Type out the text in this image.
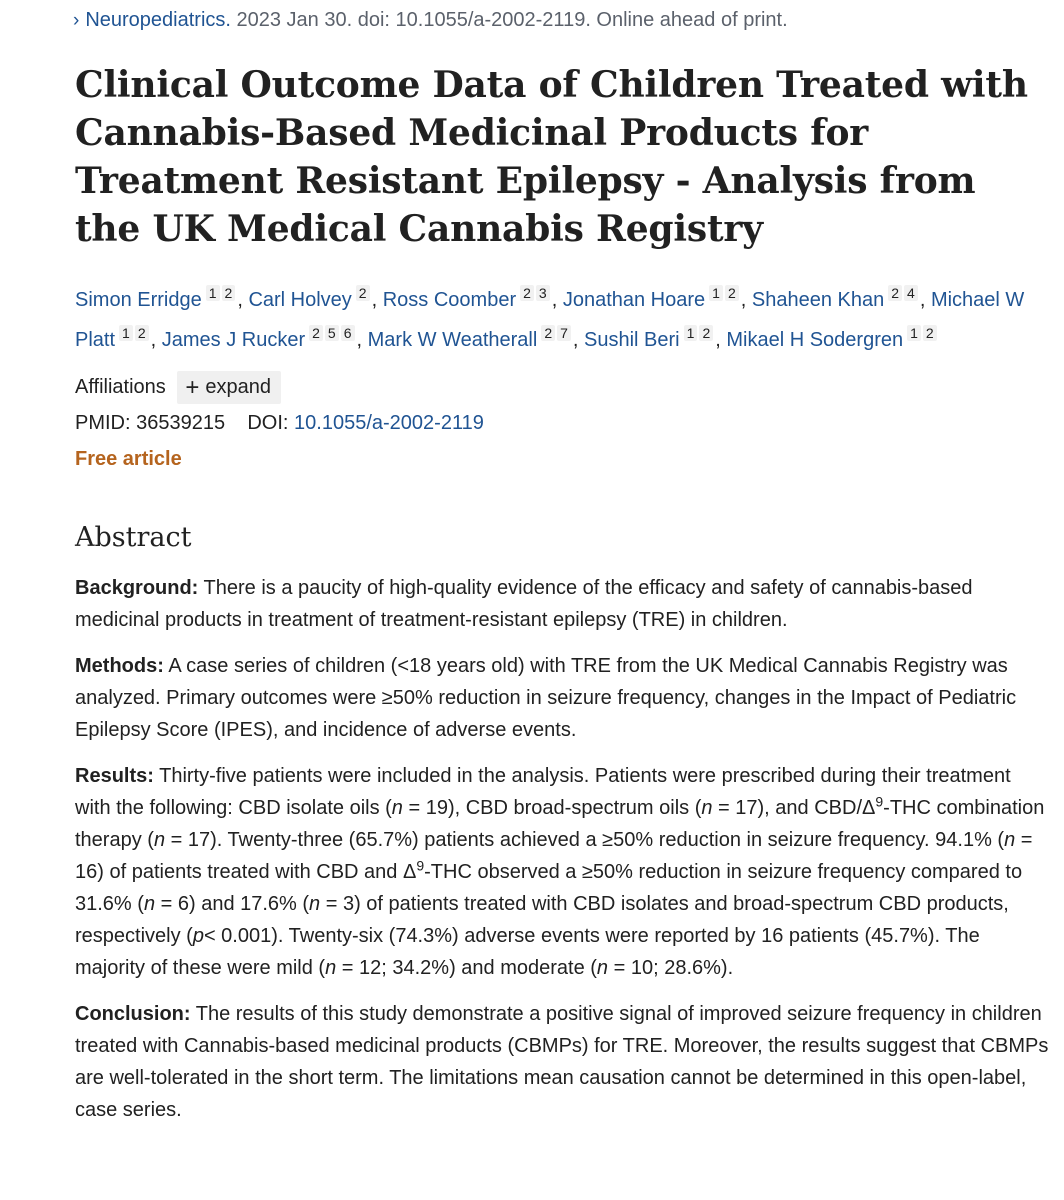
› Neuropediatrics. 2023 Jan 30. doi: 10.1055/a-2002-2119. Online ahead of print.
Clinical Outcome Data of Children Treated with Cannabis-Based Medicinal Products for Treatment Resistant Epilepsy - Analysis from the UK Medical Cannabis Registry
Simon Erridge 1 2 , Carl Holvey 2 , Ross Coomber 2 3 , Jonathan Hoare 1 2 , Shaheen Khan 2 4 , Michael W Platt 1 2 , James J Rucker 2 5 6 , Mark W Weatherall 2 7 , Sushil Beri 1 2 , Mikael H Sodergren 1 2
Affiliations + expand
PMID: 36539215 DOI: 10.1055/a-2002-2119
Free article
Abstract
Background: There is a paucity of high-quality evidence of the efficacy and safety of cannabis-based medicinal products in treatment of treatment-resistant epilepsy (TRE) in children.
Methods: A case series of children (<18 years old) with TRE from the UK Medical Cannabis Registry was analyzed. Primary outcomes were ≥50% reduction in seizure frequency, changes in the Impact of Pediatric Epilepsy Score (IPES), and incidence of adverse events.
Results: Thirty-five patients were included in the analysis. Patients were prescribed during their treatment with the following: CBD isolate oils (n = 19), CBD broad-spectrum oils (n = 17), and CBD/$\Delta^9$-THC combination therapy (n = 17). Twenty-three (65.7%) patients achieved a ≥50% reduction in seizure frequency. 94.1% (n = 16) of patients treated with CBD and $\Delta^9$-THC observed a ≥50% reduction in seizure frequency compared to 31.6% (n = 6) and 17.6% (n = 3) of patients treated with CBD isolates and broad-spectrum CBD products, respectively (p< 0.001). Twenty-six (74.3%) adverse events were reported by 16 patients (45.7%). The majority of these were mild (n = 12; 34.2%) and moderate (n = 10; 28.6%).
Conclusion: The results of this study demonstrate a positive signal of improved seizure frequency in children treated with Cannabis-based medicinal products (CBMPs) for TRE. Moreover, the results suggest that CBMPs are well-tolerated in the short term. The limitations mean causation cannot be determined in this open-label, case series.
